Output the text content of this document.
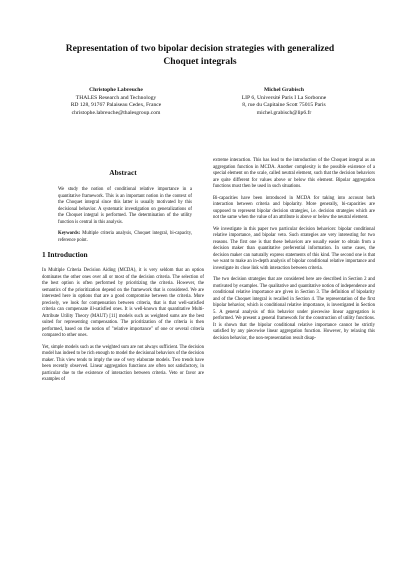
Representation of two bipolar decision strategies with generalized
Choquet integrals
Christophe Labreuche
THALES Research and Technology
RD 128, 91767 Palaiseau Cedex, France
christophe.labreuche@thalesgroup.com
Michel Grabisch
LIP 6, Université Paris I La Sorbonne
8, rue du Capitaine Scott 75015 Paris
michel.grabisch@lip6.fr
Abstract

We study the notion of conditional relative importance in a quantitative framework. This is an important notion in the context of the Choquet integral since this latter is usually motivated by this decisional behavior. A systematic investigation on generalizations of the Choquet integral is performed. The determination of the utility function is central in this analysis.

Keywords: Multiple criteria analysis, Choquet integral, bi-capacity, reference point.

1 Introduction

In Multiple Criteria Decision Aiding (MCDA), it is very seldom that an option dominates the other ones over all or most of the decision criteria. The selection of the best option is often performed by prioritizing the criteria. However, the semantics of the prioritization depend on the framework that is considered. We are interested here in options that are a good compromise between the criteria. More precisely, we look for compensation between criteria, that is that well-satisfied criteria can compensate ill-satisfied ones. It is well-known that quantitative Multi-Attribute Utility Theory (MAUT) [11] models such as weighted sums are the best suited for representing compensation. The prioritization of the criteria is then performed, based on the notion of "relative importance" of one or several criteria compared to other ones.

Yet, simple models such as the weighted sum are not always sufficient. The decision model has indeed to be rich enough to model the decisional behaviors of the decision maker. This view tends to imply the use of very elaborate models. Two trends have been recently observed. Linear aggregation functions are often not satisfactory, in particular due to the existence of interaction between criteria. Veto or favor are examples of

extreme interaction. This has lead to the introduction of the Choquet integral as an aggregation function in MCDA. Another complexity is the possible existence of a special element on the scale, called neutral element, such that the decision behaviors are quite different for values above or below this element. Bipolar aggregation functions must then be used in such situations.

Bi-capacities have been introduced in MCDA for taking into account both interaction between criteria and bipolarity. More generally, bi-capacities are supposed to represent bipolar decision strategies, i.e. decision strategies which are not the same when the value of an attribute is above or below the neutral element.

We investigate in this paper two particular decision behaviors: bipolar conditional relative importance, and bipolar veto. Such strategies are very interesting for two reasons. The first one is that these behaviors are usually easier to obtain from a decision maker than quantitative preferential information. In some cases, the decision maker can naturally express statements of this kind. The second one is that we want to make an in-depth analysis of bipolar conditional relative importance and investigate its close link with interaction between criteria.

The two decision strategies that are considered here are described in Section 2 and motivated by examples. The qualitative and quantitative notion of independence and conditional relative importance are given in Section 3. The definition of bipolarity and of the Choquet integral is recalled in Section 4. The representation of the first bipolar behavior, which is conditional relative importance, is investigated in Section 5. A general analysis of this behavior under piecewise linear aggregation is performed. We present a general framework for the construction of utility functions. It is shown that the bipolar conditional relative importance cannot be strictly satisfied by any piecewise linear aggregation function. However, by relaxing this decision behavior, the non-representation result disap-
